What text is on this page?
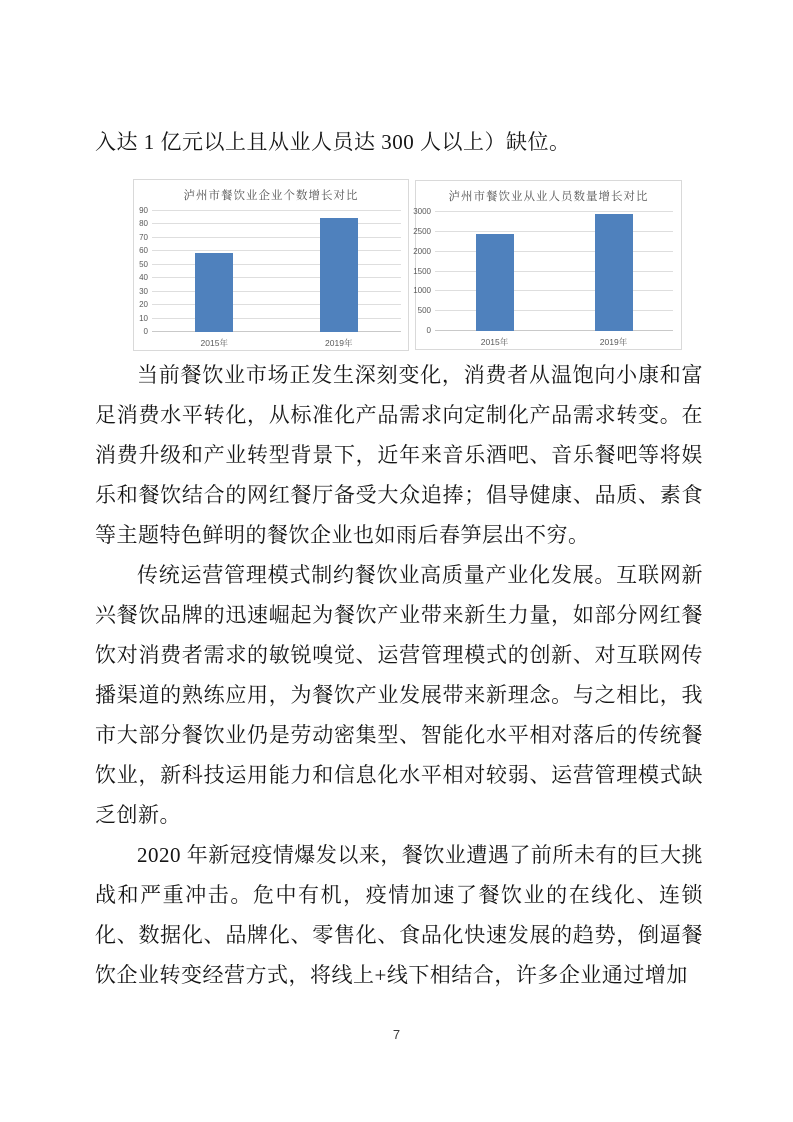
入达 1 亿元以上且从业人员达 300 人以上）缺位。

泸州市餐饮业企业个数增长对比
0
10
20
30
40
50
60
70
80
90
2015年	2019年
泸州市餐饮业从业人员数量增长对比
0
500
1000
1500
2000
2500
3000
2015年	2019年

当前餐饮业市场正发生深刻变化，消费者从温饱向小康和富足消费水平转化，从标准化产品需求向定制化产品需求转变。在消费升级和产业转型背景下，近年来音乐酒吧、音乐餐吧等将娱乐和餐饮结合的网红餐厅备受大众追捧；倡导健康、品质、素食等主题特色鲜明的餐饮企业也如雨后春笋层出不穷。

传统运营管理模式制约餐饮业高质量产业化发展。互联网新兴餐饮品牌的迅速崛起为餐饮产业带来新生力量，如部分网红餐饮对消费者需求的敏锐嗅觉、运营管理模式的创新、对互联网传播渠道的熟练应用，为餐饮产业发展带来新理念。与之相比，我市大部分餐饮业仍是劳动密集型、智能化水平相对落后的传统餐饮业，新科技运用能力和信息化水平相对较弱、运营管理模式缺乏创新。

2020 年新冠疫情爆发以来，餐饮业遭遇了前所未有的巨大挑战和严重冲击。危中有机，疫情加速了餐饮业的在线化、连锁化、数据化、品牌化、零售化、食品化快速发展的趋势，倒逼餐饮企业转变经营方式，将线上+线下相结合，许多企业通过增加

7
